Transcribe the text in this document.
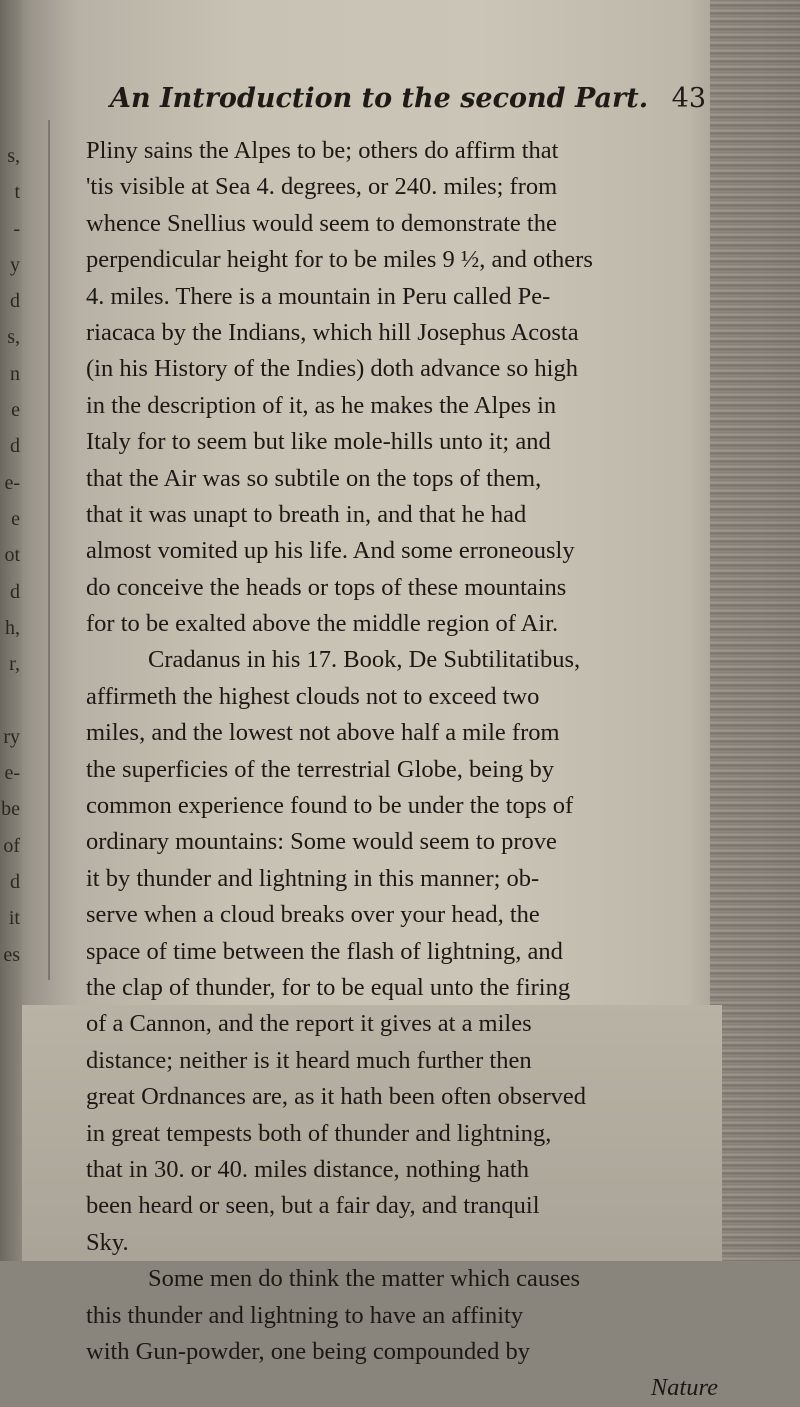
s,
t
-
y
d
s,
n
e
d
e-
e
ot
d
h,
r,
ry
e-
be
of
d
it
es
An Introduction to the second Part. 43
Pliny sains the Alpes to be; others do affirm that
'tis visible at Sea 4. degrees, or 240. miles; from
whence Snellius would seem to demonstrate the
perpendicular height for to be miles 9 ½, and others
4. miles. There is a mountain in Peru called Pe-
riacaca by the Indians, which hill Josephus Acosta
(in his History of the Indies) doth advance so high
in the description of it, as he makes the Alpes in
Italy for to seem but like mole-hills unto it; and
that the Air was so subtile on the tops of them,
that it was unapt to breath in, and that he had
almost vomited up his life. And some erroneously
do conceive the heads or tops of these mountains
for to be exalted above the middle region of Air.
Cradanus in his 17. Book, De Subtilitatibus,
affirmeth the highest clouds not to exceed two
miles, and the lowest not above half a mile from
the superficies of the terrestrial Globe, being by
common experience found to be under the tops of
ordinary mountains: Some would seem to prove
it by thunder and lightning in this manner; ob-
serve when a cloud breaks over your head, the
space of time between the flash of lightning, and
the clap of thunder, for to be equal unto the firing
of a Cannon, and the report it gives at a miles
distance; neither is it heard much further then
great Ordnances are, as it hath been often observed
in great tempests both of thunder and lightning,
that in 30. or 40. miles distance, nothing hath
been heard or seen, but a fair day, and tranquil
Sky.
Some men do think the matter which causes
this thunder and lightning to have an affinity
with Gun-powder, one being compounded by
Nature
